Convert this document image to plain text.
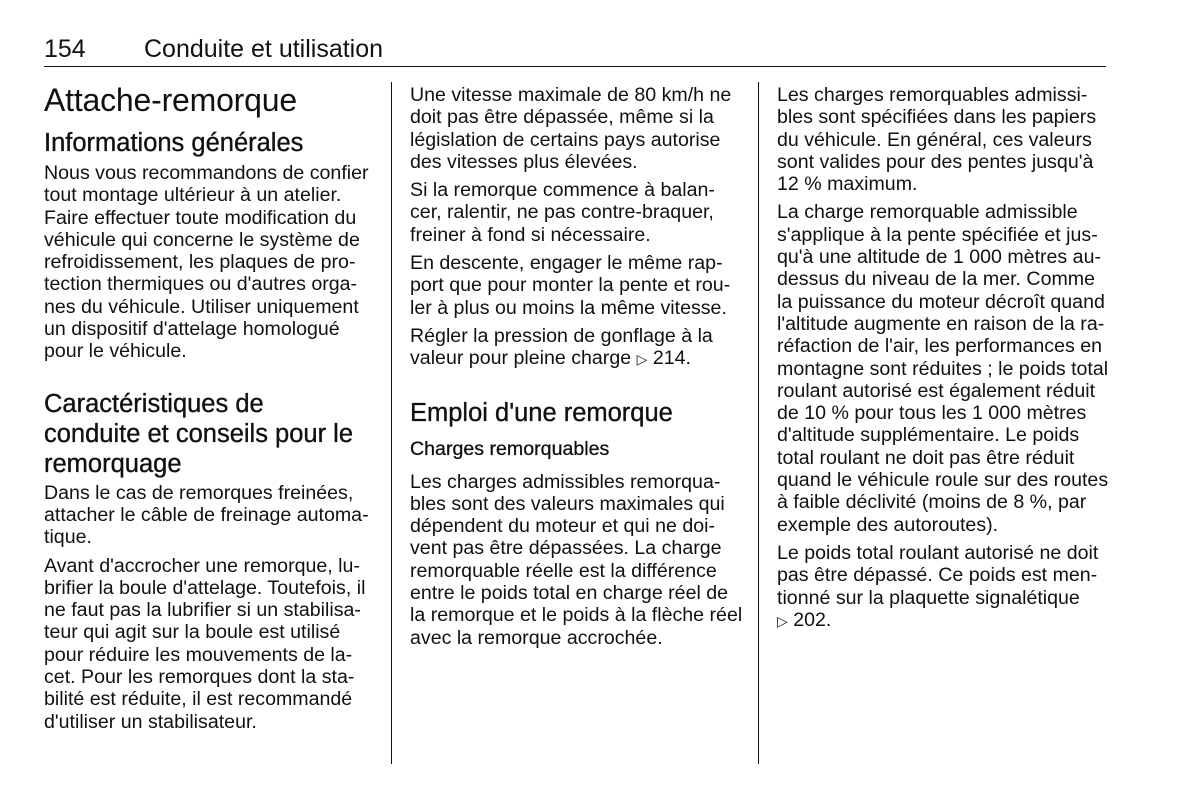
154 Conduite et utilisation
Attache-remorque
Informations générales

Nous vous recommandons de confier
tout montage ultérieur à un atelier.
Faire effectuer toute modification du
véhicule qui concerne le système de
refroidissement, les plaques de pro-
tection thermiques ou d'autres orga-
nes du véhicule. Utiliser uniquement
un dispositif d'attelage homologué
pour le véhicule.

Caractéristiques de
conduite et conseils pour le
remorquage

Dans le cas de remorques freinées,
attacher le câble de freinage automa-
tique.

Avant d'accrocher une remorque, lu-
brifier la boule d'attelage. Toutefois, il
ne faut pas la lubrifier si un stabilisa-
teur qui agit sur la boule est utilisé
pour réduire les mouvements de la-
cet. Pour les remorques dont la sta-
bilité est réduite, il est recommandé
d'utiliser un stabilisateur.

Une vitesse maximale de 80 km/h ne
doit pas être dépassée, même si la
législation de certains pays autorise
des vitesses plus élevées.

Si la remorque commence à balan-
cer, ralentir, ne pas contre-braquer,
freiner à fond si nécessaire.

En descente, engager le même rap-
port que pour monter la pente et rou-
ler à plus ou moins la même vitesse.

Régler la pression de gonflage à la
valeur pour pleine charge ▷ 214.

Emploi d'une remorque
Charges remorquables

Les charges admissibles remorqua-
bles sont des valeurs maximales qui
dépendent du moteur et qui ne doi-
vent pas être dépassées. La charge
remorquable réelle est la différence
entre le poids total en charge réel de
la remorque et le poids à la flèche réel
avec la remorque accrochée.

Les charges remorquables admissi-
bles sont spécifiées dans les papiers
du véhicule. En général, ces valeurs
sont valides pour des pentes jusqu'à
12 % maximum.

La charge remorquable admissible
s'applique à la pente spécifiée et jus-
qu'à une altitude de 1 000 mètres au-
dessus du niveau de la mer. Comme
la puissance du moteur décroît quand
l'altitude augmente en raison de la ra-
réfaction de l'air, les performances en
montagne sont réduites ; le poids total
roulant autorisé est également réduit
de 10 % pour tous les 1 000 mètres
d'altitude supplémentaire. Le poids
total roulant ne doit pas être réduit
quand le véhicule roule sur des routes
à faible déclivité (moins de 8 %, par
exemple des autoroutes).

Le poids total roulant autorisé ne doit
pas être dépassé. Ce poids est men-
tionné sur la plaquette signalétique
▷ 202.
